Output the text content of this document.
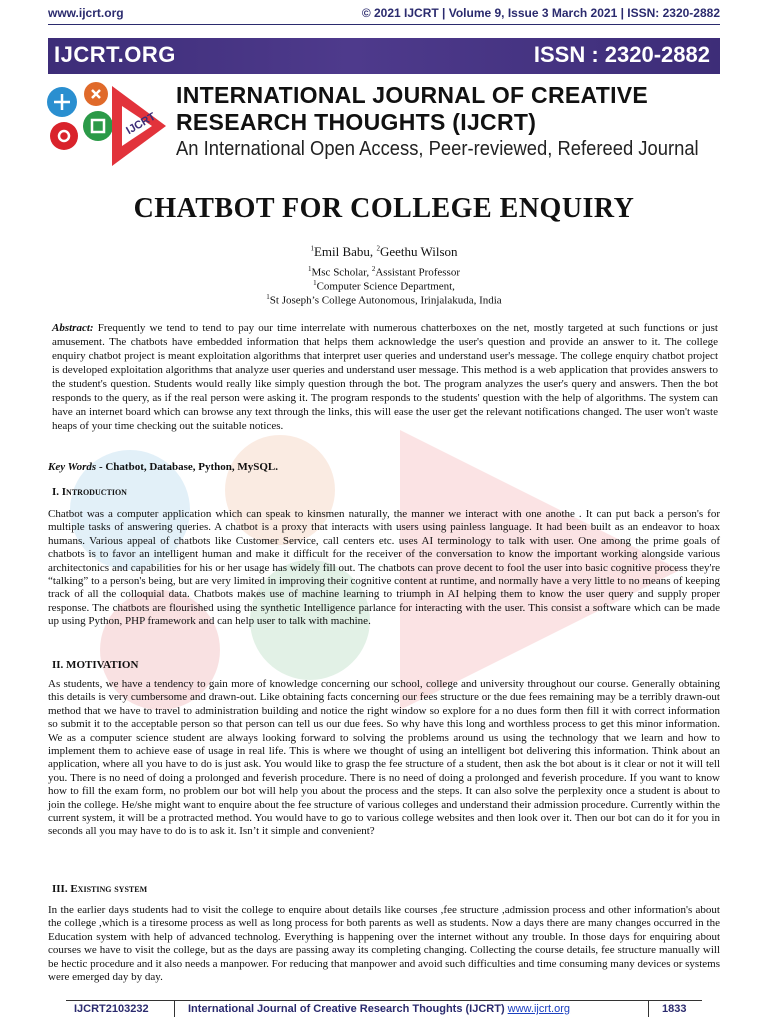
www.ijcrt.org	© 2021 IJCRT | Volume 9, Issue 3 March 2021 | ISSN: 2320-2882
IJCRT.ORG	ISSN : 2320-2882
IJCRT
INTERNATIONAL JOURNAL OF CREATIVE
RESEARCH THOUGHTS (IJCRT)
An International Open Access, Peer-reviewed, Refereed Journal
CHATBOT FOR COLLEGE ENQUIRY
$^1$Emil Babu, $^2$Geethu Wilson
$^1$Msc Scholar, $^2$Assistant Professor
$^1$Computer Science Department,
$^1$St Joseph’s College Autonomous, Irinjalakuda, India
Abstract: Frequently we tend to tend to pay our time interrelate with numerous chatterboxes on the net, mostly targeted at such functions or just amusement. The chatbots have embedded information that helps them acknowledge the user's question and provide an answer to it. The college enquiry chatbot project is meant exploitation algorithms that interpret user queries and understand user's message. The college enquiry chatbot project is developed exploitation algorithms that analyze user queries and understand user message. This method is a web application that provides answers to the student's question. Students would really like simply question through the bot. The program analyzes the user's query and answers. Then the bot responds to the query, as if the real person were asking it. The program responds to the students' question with the help of algorithms. The system can have an internet board which can browse any text through the links, this will ease the user get the relevant notifications changed. The user won't waste heaps of your time checking out the suitable notices.
Key Words - Chatbot, Database, Python, MySQL.
I. Introduction
Chatbot was a computer application which can speak to kinsmen naturally, the manner we interact with one anothe . It can put back a person's for multiple tasks of answering queries. A chatbot is a proxy that interacts with users using painless language. It had been built as an endeavor to hoax humans. Various appeal of chatbots like Customer Service, call centers etc. uses AI terminology to talk with user. One among the prime goals of chatbots is to favor an intelligent human and make it difficult for the receiver of the conversation to know the important working alongside various architectonics and capabilities for his or her usage has widely fill out. The chatbots can prove decent to fool the user into basic cognitive process they're “talking” to a person's being, but are very limited in improving their cognitive content at runtime, and normally have a very little to no means of keeping track of all the colloquial data. Chatbots makes use of machine learning to triumph in AI helping them to know the user query and supply proper response. The chatbots are flourished using the synthetic Intelligence parlance for interacting with the user. This consist a software which can be made up using Python, PHP framework and can help user to talk with machine.
II. MOTIVATION
As students, we have a tendency to gain more of knowledge concerning our school, college and university throughout our course. Generally obtaining this details is very cumbersome and drawn-out. Like obtaining facts concerning our fees structure or the due fees remaining may be a terribly drawn-out method that we have to travel to administration building and notice the right window so explore for a no dues form then fill it with correct information so submit it to the acceptable person so that person can tell us our due fees. So why have this long and worthless process to get this minor information. We as a computer science student are always looking forward to solving the problems around us using the technology that we learn and how to implement them to achieve ease of usage in real life. This is where we thought of using an intelligent bot delivering this information. Think about an application, where all you have to do is just ask. You would like to grasp the fee structure of a student, then ask the bot about is it clear or not it will tell you. There is no need of doing a prolonged and feverish procedure. There is no need of doing a prolonged and feverish procedure. If you want to know how to fill the exam form, no problem our bot will help you about the process and the steps. It can also solve the perplexity once a student is about to join the college. He/she might want to enquire about the fee structure of various colleges and understand their admission procedure. Currently within the current system, it will be a protracted method. You would have to go to various college websites and then look over it. Then our bot can do it for you in seconds all you may have to do is to ask it. Isn’t it simple and convenient?
III. Existing system
In the earlier days students had to visit the college to enquire about details like courses ,fee structure ,admission process and other information's about the college ,which is a tiresome process as well as long process for both parents as well as students. Now a days there are many changes occurred in the Education system with help of advanced technolog. Everything is happening over the internet without any trouble. In those days for enquiring about courses we have to visit the college, but as the days are passing away its completing changing. Collecting the course details, fee structure manually will be hectic procedure and it also needs a manpower. For reducing that manpower and avoid such difficulties and time consuming many devices or systems were emerged day by day.
IJCRT2103232	International Journal of Creative Research Thoughts (IJCRT) www.ijcrt.org	1833
